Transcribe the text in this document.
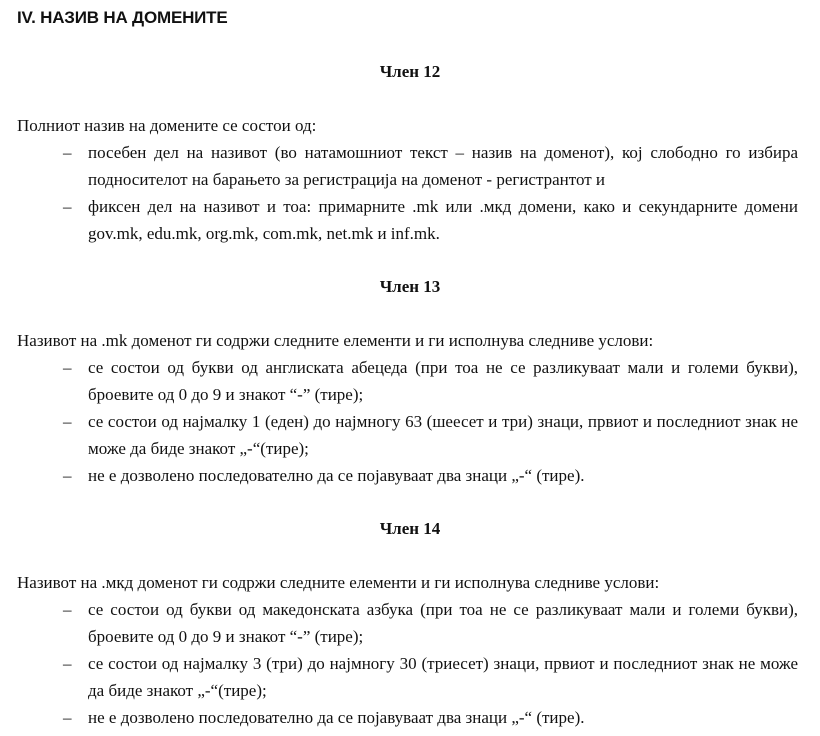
IV. НАЗИВ НА ДОМЕНИТЕ
Член 12

Полниот назив на домените се состои од:

– посебен дел на називот (во натамошниот текст – назив на доменот), кој слободно го избира подносителот на барањето за регистрација на доменот - регистрантот и
– фиксен дел на називот и тоа: примарните .mk или .мкд домени, како и секундарните домени gov.mk, edu.mk, org.mk, com.mk, net.mk и inf.mk.
Член 13

Називот на .mk доменот ги содржи следните елементи и ги исполнува следниве услови:

– се состои од букви од англиската абецеда (при тоа не се разликуваат мали и големи букви), броевите од 0 до 9 и знакот “-” (тире);
– се состои од најмалку 1 (еден) до најмногу 63 (шеесет и три) знаци, првиот и последниот знак не може да биде знакот „-“(тире);
– не е дозволено последователно да се појавуваат два знаци „-“ (тире).
Член 14

Називот на .мкд доменот ги содржи следните елементи и ги исполнува следниве услови:

– се состои од букви од македонската азбука (при тоа не се разликуваат мали и големи букви), броевите од 0 до 9 и знакот “-” (тире);
– се состои од најмалку 3 (три) до најмногу 30 (триесет) знаци, првиот и последниот знак не може да биде знакот „-“(тире);
– не е дозволено последователно да се појавуваат два знаци „-“ (тире).
